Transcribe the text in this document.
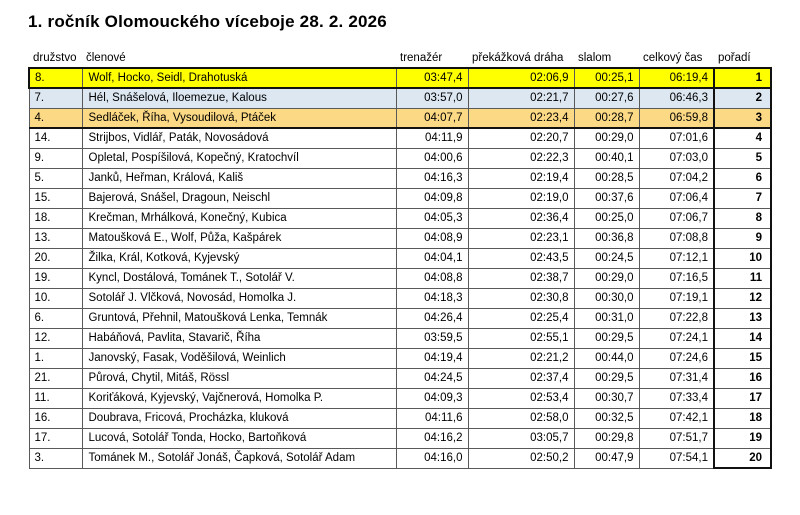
1. ročník Olomouckého víceboje 28. 2. 2026
družstvo	členové	trenažér	překážková dráha	slalom	celkový čas	pořadí
8.	Wolf, Hocko, Seidl, Drahotuská	03:47,4	02:06,9	00:25,1	06:19,4	1
7.	Hél, Snášelová, Iloemezue, Kalous	03:57,0	02:21,7	00:27,6	06:46,3	2
4.	Sedláček, Říha, Vysoudilová, Ptáček	04:07,7	02:23,4	00:28,7	06:59,8	3
14.	Strijbos, Vidlář, Paták, Novosádová	04:11,9	02:20,7	00:29,0	07:01,6	4
9.	Opletal, Pospíšilová, Kopečný, Kratochvíl	04:00,6	02:22,3	00:40,1	07:03,0	5
5.	Janků, Heřman, Králová, Kališ	04:16,3	02:19,4	00:28,5	07:04,2	6
15.	Bajerová, Snášel, Dragoun, Neischl	04:09,8	02:19,0	00:37,6	07:06,4	7
18.	Krečman, Mrhálková, Konečný, Kubica	04:05,3	02:36,4	00:25,0	07:06,7	8
13.	Matoušková E., Wolf, Půža, Kašpárek	04:08,9	02:23,1	00:36,8	07:08,8	9
20.	Žilka, Král, Kotková, Kyjevský	04:04,1	02:43,5	00:24,5	07:12,1	10
19.	Kyncl, Dostálová, Tománek T., Sotolář V.	04:08,8	02:38,7	00:29,0	07:16,5	11
10.	Sotolář J. Vlčková, Novosád, Homolka J.	04:18,3	02:30,8	00:30,0	07:19,1	12
6.	Gruntová, Přehnil, Matoušková Lenka, Temnák	04:26,4	02:25,4	00:31,0	07:22,8	13
12.	Habáňová, Pavlita, Stavarič, Říha	03:59,5	02:55,1	00:29,5	07:24,1	14
1.	Janovský, Fasak, Voděšilová, Weinlich	04:19,4	02:21,2	00:44,0	07:24,6	15
21.	Půrová, Chytil, Mitáš, Rössl	04:24,5	02:37,4	00:29,5	07:31,4	16
11.	Koriťáková, Kyjevský, Vajčnerová, Homolka P.	04:09,3	02:53,4	00:30,7	07:33,4	17
16.	Doubrava, Fricová, Procházka, kluková	04:11,6	02:58,0	00:32,5	07:42,1	18
17.	Lucová, Sotolář Tonda, Hocko, Bartoňková	04:16,2	03:05,7	00:29,8	07:51,7	19
3.	Tománek M., Sotolář Jonáš, Čapková, Sotolář Adam	04:16,0	02:50,2	00:47,9	07:54,1	20
